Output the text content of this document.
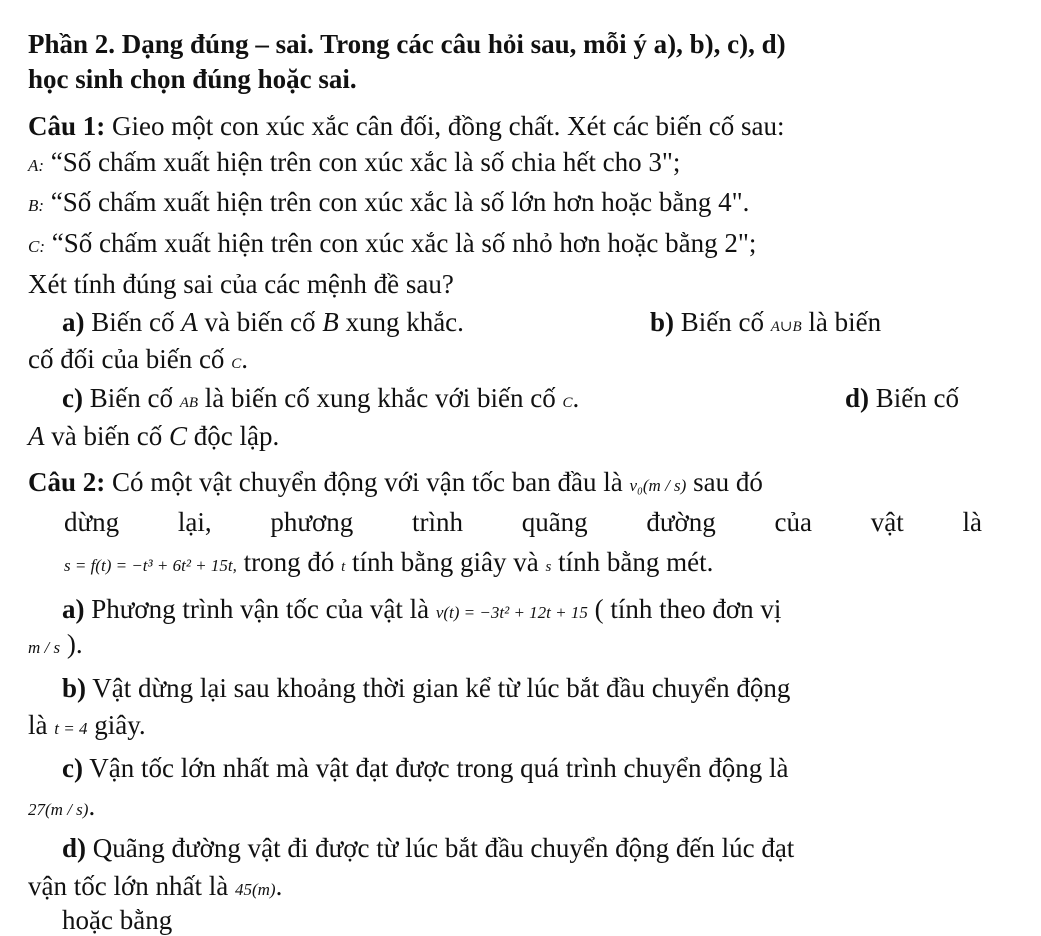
Phần 2. Dạng đúng – sai. Trong các câu hỏi sau, mỗi ý a), b), c), d)
học sinh chọn đúng hoặc sai.
Câu 1: Gieo một con xúc xắc cân đối, đồng chất. Xét các biến cố sau:
A: “Số chấm xuất hiện trên con xúc xắc là số chia hết cho 3";
B: “Số chấm xuất hiện trên con xúc xắc là số lớn hơn hoặc bằng 4".
C: “Số chấm xuất hiện trên con xúc xắc là số nhỏ hơn hoặc bằng 2";
Xét tính đúng sai của các mệnh đề sau?
a) Biến cố A và biến cố B xung khắc.	b) Biến cố A∪B là biến
cố đối của biến cố C.
c) Biến cố AB là biến cố xung khắc với biến cố C.	d) Biến cố
A và biến cố C độc lập.
Câu 2: Có một vật chuyển động với vận tốc ban đầu là v₀(m / s) sau đó
dừng lại, phương trình quãng đường của vật là
s = f(t) = −t³ + 6t² + 15t, trong đó t tính bằng giây và s tính bằng mét.
a) Phương trình vận tốc của vật là v(t) = −3t² + 12t + 15 ( tính theo đơn vị
m / s ).
b) Vật dừng lại sau khoảng thời gian kể từ lúc bắt đầu chuyển động
là t = 4 giây.
c) Vận tốc lớn nhất mà vật đạt được trong quá trình chuyển động là
27(m / s).
d) Quãng đường vật đi được từ lúc bắt đầu chuyển động đến lúc đạt
vận tốc lớn nhất là 45(m).
hoặc bằng
